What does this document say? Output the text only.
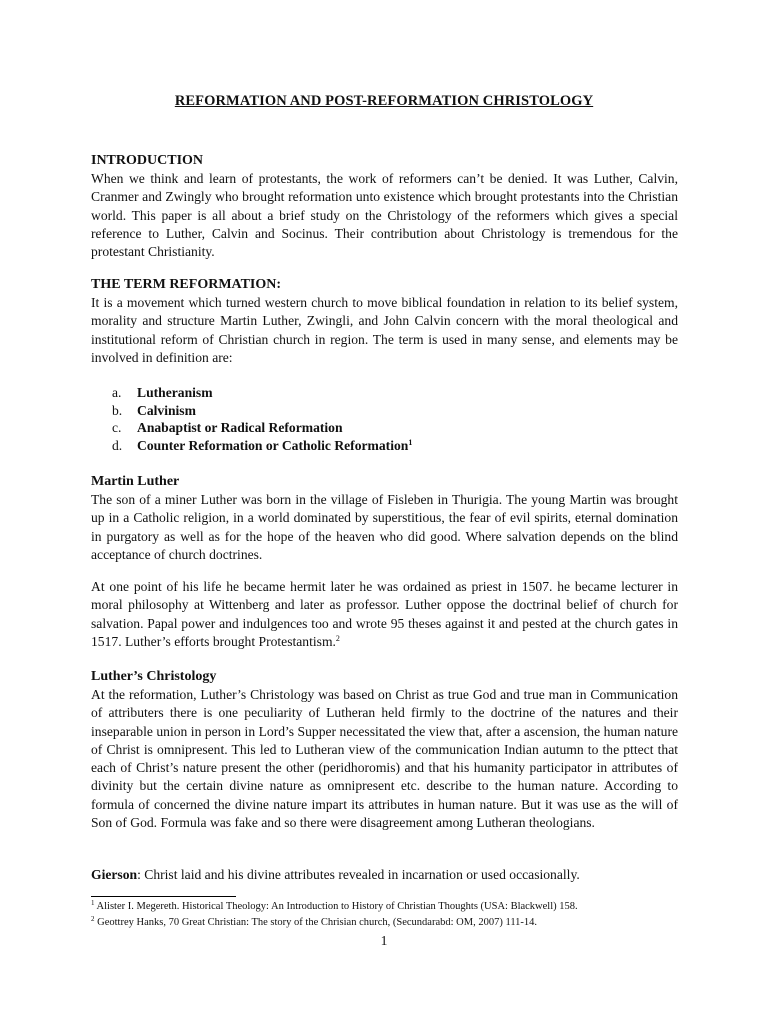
REFORMATION AND POST-REFORMATION CHRISTOLOGY
INTRODUCTION

When we think and learn of protestants, the work of reformers can’t be denied. It was Luther, Calvin, Cranmer and Zwingly who brought reformation unto existence which brought protestants into the Christian world. This paper is all about a brief study on the Christology of the reformers which gives a special reference to Luther, Calvin and Socinus. Their contribution about Christology is tremendous for the protestant Christianity.

THE TERM REFORMATION:

It is a movement which turned western church to move biblical foundation in relation to its belief system, morality and structure Martin Luther, Zwingli, and John Calvin concern with the moral theological and institutional reform of Christian church in region. The term is used in many sense, and elements may be involved in definition are:

a.	Lutheranism
b.	Calvinism
c.	Anabaptist or Radical Reformation
d.	Counter Reformation or Catholic Reformation$^1$
Martin Luther

The son of a miner Luther was born in the village of Fisleben in Thurigia. The young Martin was brought up in a Catholic religion, in a world dominated by superstitious, the fear of evil spirits, eternal domination in purgatory as well as for the hope of the heaven who did good. Where salvation depends on the blind acceptance of church doctrines.

At one point of his life he became hermit later he was ordained as priest in 1507. he became lecturer in moral philosophy at Wittenberg and later as professor. Luther oppose the doctrinal belief of church for salvation. Papal power and indulgences too and wrote 95 theses against it and pested at the church gates in 1517. Luther’s efforts brought Protestantism.$^2$

Luther’s Christology

At the reformation, Luther’s Christology was based on Christ as true God and true man in Communication of attributers there is one peculiarity of Lutheran held firmly to the doctrine of the natures and their inseparable union in person in Lord’s Supper necessitated the view that, after a ascension, the human nature of Christ is omnipresent. This led to Lutheran view of the communication Indian autumn to the pttect that each of Christ’s nature present the other (peridhoromis) and that his humanity participator in attributes of divinity but the certain divine nature as omnipresent etc. describe to the human nature. According to formula of concerned the divine nature impart its attributes in human nature. But it was use as the will of Son of God. Formula was fake and so there were disagreement among Lutheran theologians.

Gierson: Christ laid and his divine attributes revealed in incarnation or used occasionally.

$^1$ Alister I. Megereth. Historical Theology: An Introduction to History of Christian Thoughts (USA: Blackwell) 158.
$^2$ Geottrey Hanks, 70 Great Christian: The story of the Chrisian church, (Secundarabd: OM, 2007) 111-14.
1
